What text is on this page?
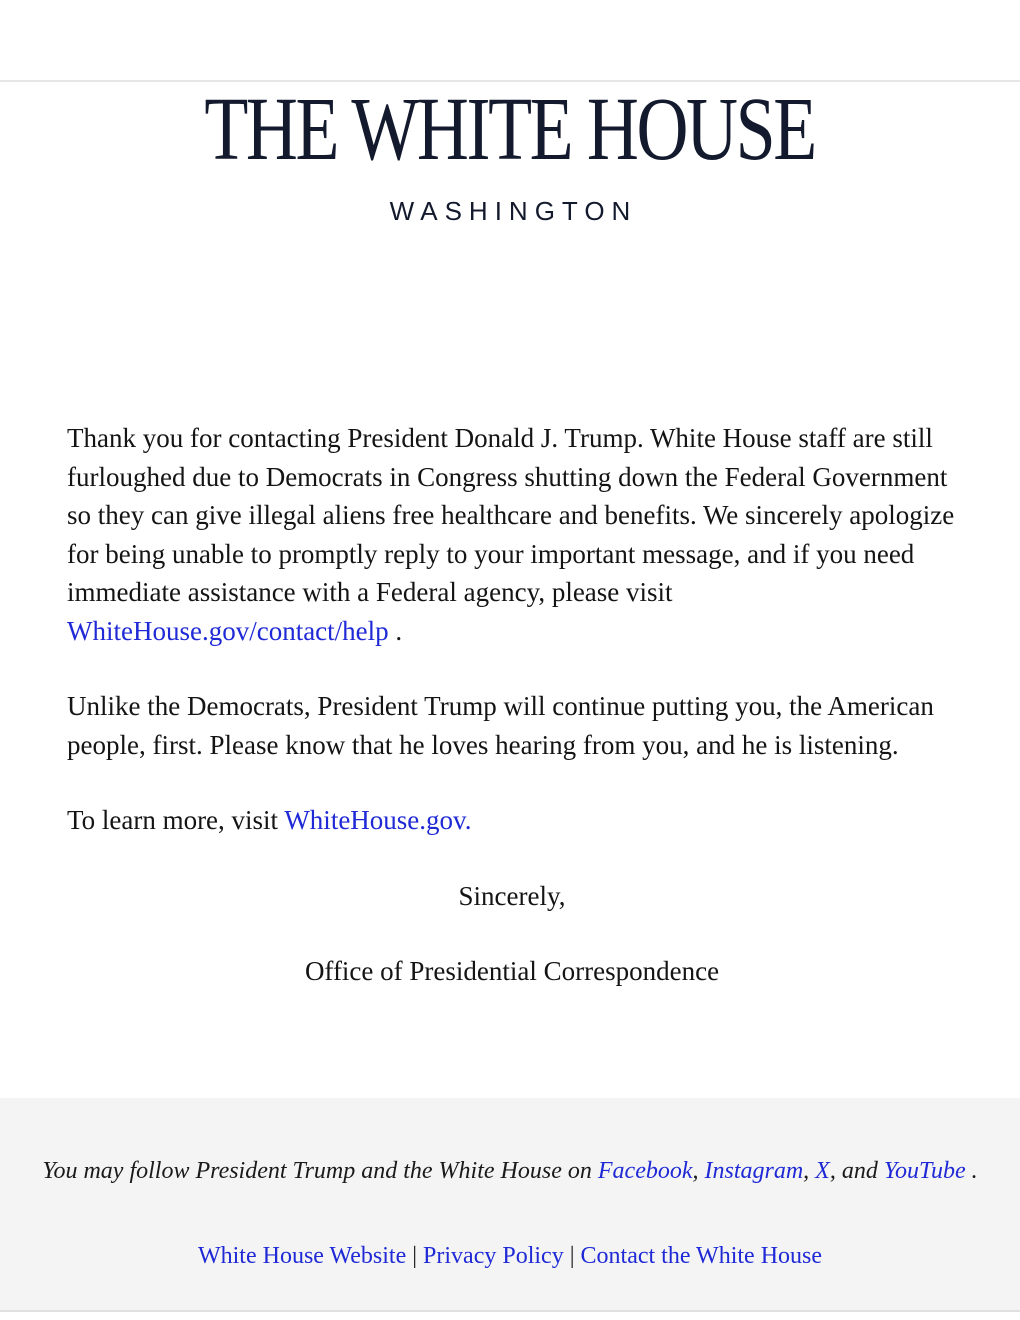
THE WHITE HOUSE
WASHINGTON

Thank you for contacting President Donald J. Trump. White House staff are still furloughed due to Democrats in Congress shutting down the Federal Government so they can give illegal aliens free healthcare and benefits. We sincerely apologize for being unable to promptly reply to your important message, and if you need immediate assistance with a Federal agency, please visit
WhiteHouse.gov/contact/help .

Unlike the Democrats, President Trump will continue putting you, the American people, first. Please know that he loves hearing from you, and he is listening.

To learn more, visit WhiteHouse.gov.

Sincerely,

Office of Presidential Correspondence

You may follow President Trump and the White House on Facebook, Instagram, X, and YouTube .
White House Website | Privacy Policy | Contact the White House
